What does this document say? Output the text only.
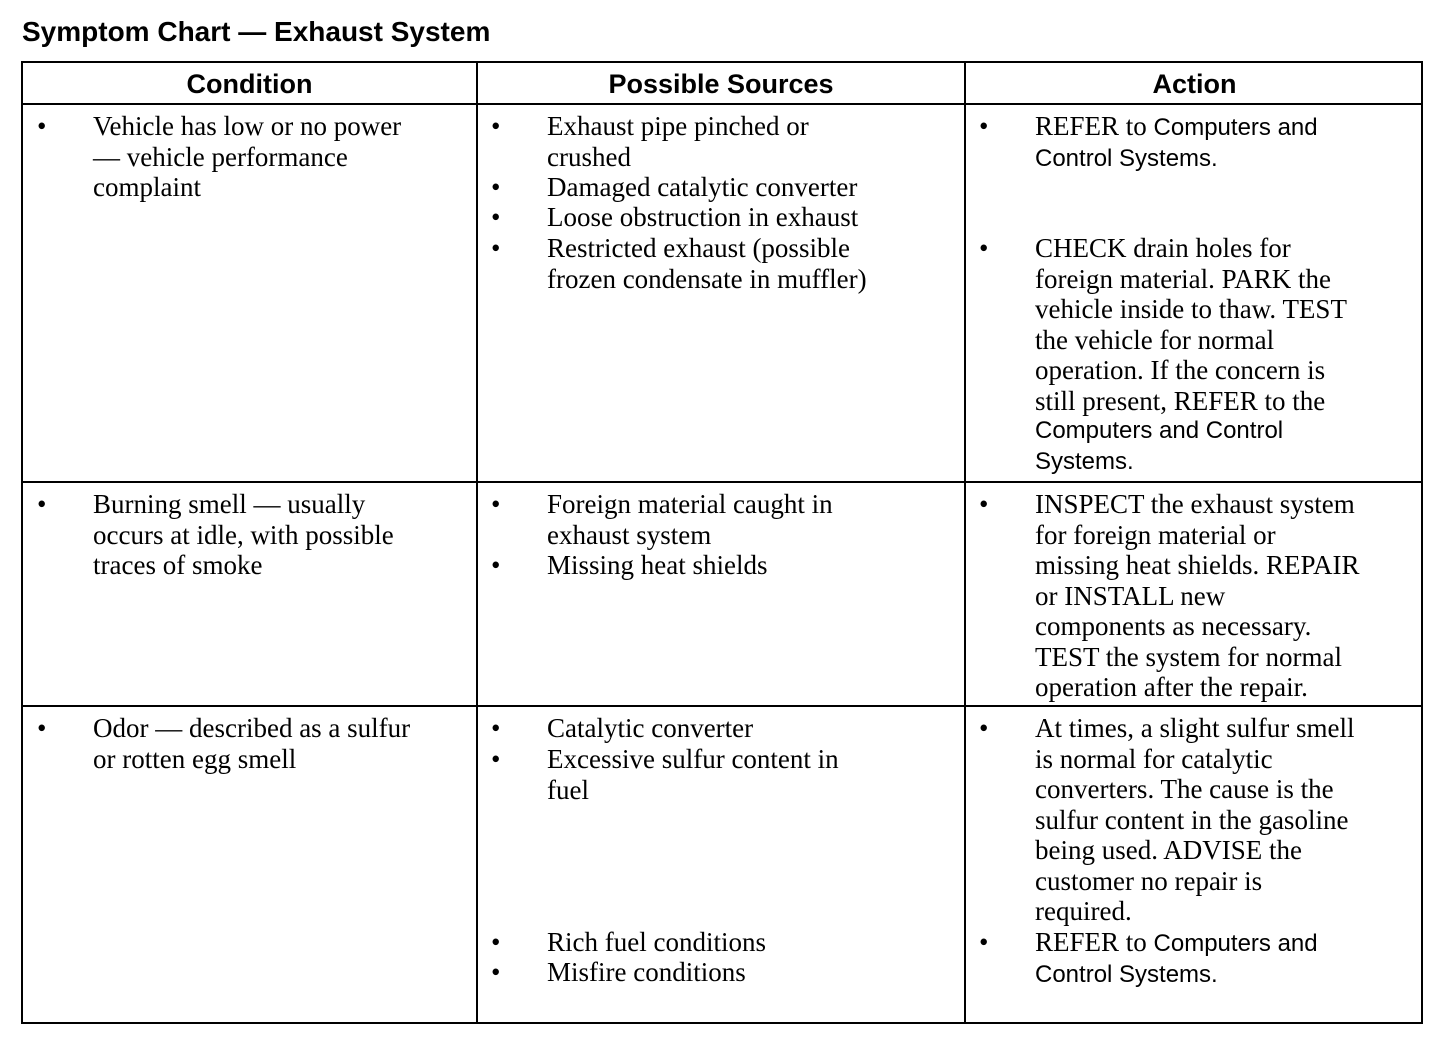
Symptom Chart — Exhaust System
Condition	Possible Sources	Action
• Vehicle has low or no power
— vehicle performance
complaint
• Exhaust pipe pinched or
crushed
• Damaged catalytic converter
• Loose obstruction in exhaust
• Restricted exhaust (possible
frozen condensate in muffler)
• REFER to Computers and
Control Systems.
• CHECK drain holes for
foreign material. PARK the
vehicle inside to thaw. TEST
the vehicle for normal
operation. If the concern is
still present, REFER to the
Computers and Control
Systems.
• Burning smell — usually
occurs at idle, with possible
traces of smoke
• Foreign material caught in
exhaust system
• Missing heat shields
• INSPECT the exhaust system
for foreign material or
missing heat shields. REPAIR
or INSTALL new
components as necessary.
TEST the system for normal
operation after the repair.
• Odor — described as a sulfur
or rotten egg smell
• Catalytic converter
• Excessive sulfur content in
fuel
• Rich fuel conditions
• Misfire conditions
• At times, a slight sulfur smell
is normal for catalytic
converters. The cause is the
sulfur content in the gasoline
being used. ADVISE the
customer no repair is
required.
• REFER to Computers and
Control Systems.
